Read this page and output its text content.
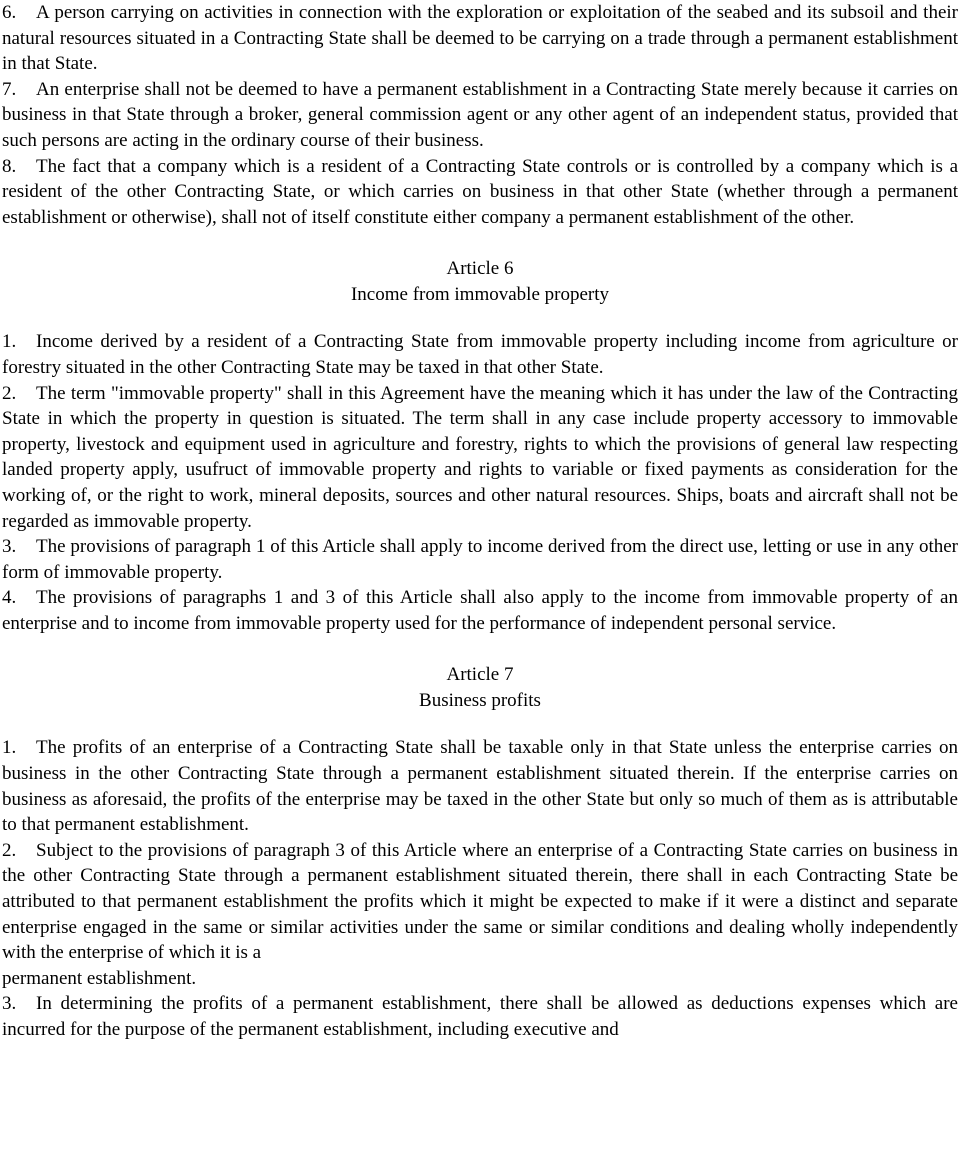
6. A person carrying on activities in connection with the exploration or exploitation of the seabed and its subsoil and their natural resources situated in a Contracting State shall be deemed to be carrying on a trade through a permanent establishment in that State.

7. An enterprise shall not be deemed to have a permanent establishment in a Contracting State merely because it carries on business in that State through a broker, general commission agent or any other agent of an independent status, provided that such persons are acting in the ordinary course of their business.

8. The fact that a company which is a resident of a Contracting State controls or is controlled by a company which is a resident of the other Contracting State, or which carries on business in that other State (whether through a permanent establishment or otherwise), shall not of itself constitute either company a permanent establishment of the other.

Article 6

Income from immovable property

1. Income derived by a resident of a Contracting State from immovable property including income from agriculture or forestry situated in the other Contracting State may be taxed in that other State.

2. The term "immovable property" shall in this Agreement have the meaning which it has under the law of the Contracting State in which the property in question is situated. The term shall in any case include property accessory to immovable property, livestock and equipment used in agriculture and forestry, rights to which the provisions of general law respecting landed property apply, usufruct of immovable property and rights to variable or fixed payments as consideration for the working of, or the right to work, mineral deposits, sources and other natural resources. Ships, boats and aircraft shall not be regarded as immovable property.

3. The provisions of paragraph 1 of this Article shall apply to income derived from the direct use, letting or use in any other form of immovable property.

4. The provisions of paragraphs 1 and 3 of this Article shall also apply to the income from immovable property of an enterprise and to income from immovable property used for the performance of independent personal service.

Article 7

Business profits

1. The profits of an enterprise of a Contracting State shall be taxable only in that State unless the enterprise carries on business in the other Contracting State through a permanent establishment situated therein. If the enterprise carries on business as aforesaid, the profits of the enterprise may be taxed in the other State but only so much of them as is attributable to that permanent establishment.

2. Subject to the provisions of paragraph 3 of this Article where an enterprise of a Contracting State carries on business in the other Contracting State through a permanent establishment situated therein, there shall in each Contracting State be attributed to that permanent establishment the profits which it might be expected to make if it were a distinct and separate enterprise engaged in the same or similar activities under the same or similar conditions and dealing wholly independently with the enterprise of which it is a
permanent establishment.

3. In determining the profits of a permanent establishment, there shall be allowed as deductions expenses which are incurred for the purpose of the permanent establishment, including executive and
